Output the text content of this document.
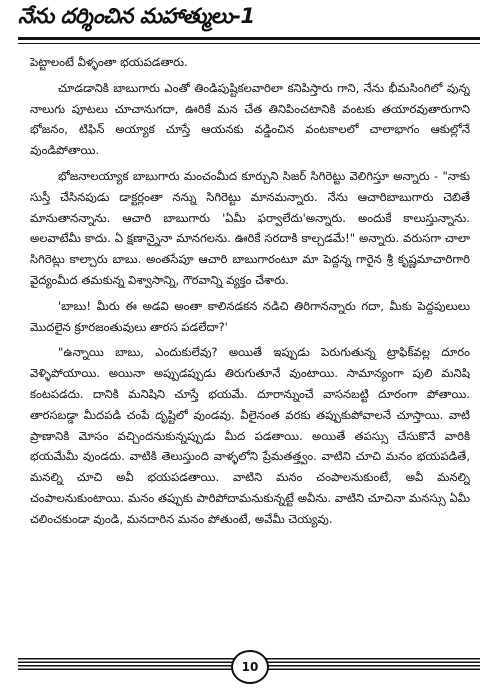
నేను దర్శించిన మహాత్ములు-1

పెట్టాలంటే వీళ్ళంతా భయపడతారు.

చూడడానికి బాబుగారు ఎంతో తిండిపుష్టికలవారిలా కనిపిస్తారు గాని, నేను భీమసింగిలో వున్న నాలుగు పూటలు చూచానుగదా, ఊరికే మన చేత తినిపించటానికి వంటకు తయారవుతారుగాని భోజనం, టిఫిన్ అయ్యాక చూస్తే ఆయనకు వడ్డించిన వంటకాలలో చాలాభాగం ఆకుల్లోనే వుండిపోతాయి.

భోజనాలయ్యాక బాబుగారు మంచంమీద కూర్చుని సిజర్ సిగిరెట్టు వెలిగిస్తూ అన్నారు - "నాకు సుస్తీ చేసినపుడు డాక్టర్లంతా నన్ను సిగిరెట్టు మానమన్నారు. నేను ఆచారిబాబుగారు చెబితే మానుతానన్నాను. ఆచారి బాబుగారు 'ఏమీ ఫర్వాలేదు'అన్నారు. అందుకే కాలుస్తున్నాను. అలవాటేమీ కాదు. ఏ క్షణాన్నైనా మానగలను. ఊరికే సరదాకి కాల్చడమే!" అన్నారు. వరుసగా చాలా సిగిరెట్లు కాల్చారు బాబు. అంతసేపూ ఆచారి బాబుగారంటూ మా పెద్దన్న గారైన శ్రీ కృష్ణమాచారిగారి వైద్యంమీద తమకున్న విశ్వాసాన్ని, గౌరవాన్ని వ్యక్తం చేశారు.

'బాబు! మీరు ఈ అడవి అంతా కాలినడకన నడిచి తిరిగానన్నారు గదా, మీకు పెద్దపులులు మొదలైన క్రూరజంతువులు తారస పడలేదా?'

"ఉన్నాయి బాబు, ఎందుకులేవు? అయితే ఇప్పుడు పెరుగుతున్న ట్రాఫిక్‌వల్ల దూరం వెళ్ళిపోయాయి. అయినా అప్పుడప్పుడు తిరుగుతూనే వుంటాయి. సామాన్యంగా పులి మనిషి కంటపడదు. దానికి మనిషిని చూస్తే భయమే. దూరాన్నుంచే వాసనబట్టి దూరంగా పోతాయి. తారసబడ్డా మీదపడి చంపే దృష్టిలో వుండవు. వీలైనంత వరకు తప్పుకుపోవాలనే చూస్తాయి. వాటి ప్రాణానికి మోసం వచ్చిందనుకున్నప్పుడు మీద పడతాయి. అయితే తపస్సు చేసుకొనే వారికి భయమేమీ వుండదు. వాటికి తెలుస్తుంది వాళ్ళలోని ప్రేమతత్త్వం. వాటిని చూచి మనం భయపడితే, మనల్ని చూచి అవీ భయపడతాయి. వాటిని మనం చంపాలనుకుంటే, అవీ మనల్ని చంపాలనుకుంటాయి. మనం తప్పుకు పారిపోదామనుకున్నట్టే అవీను. వాటిని చూచినా మనస్సు ఏమీ చలించకుండా వుండి, మనదారిన మనం పోతుంటే, అవేమీ చెయ్యవు.

10
